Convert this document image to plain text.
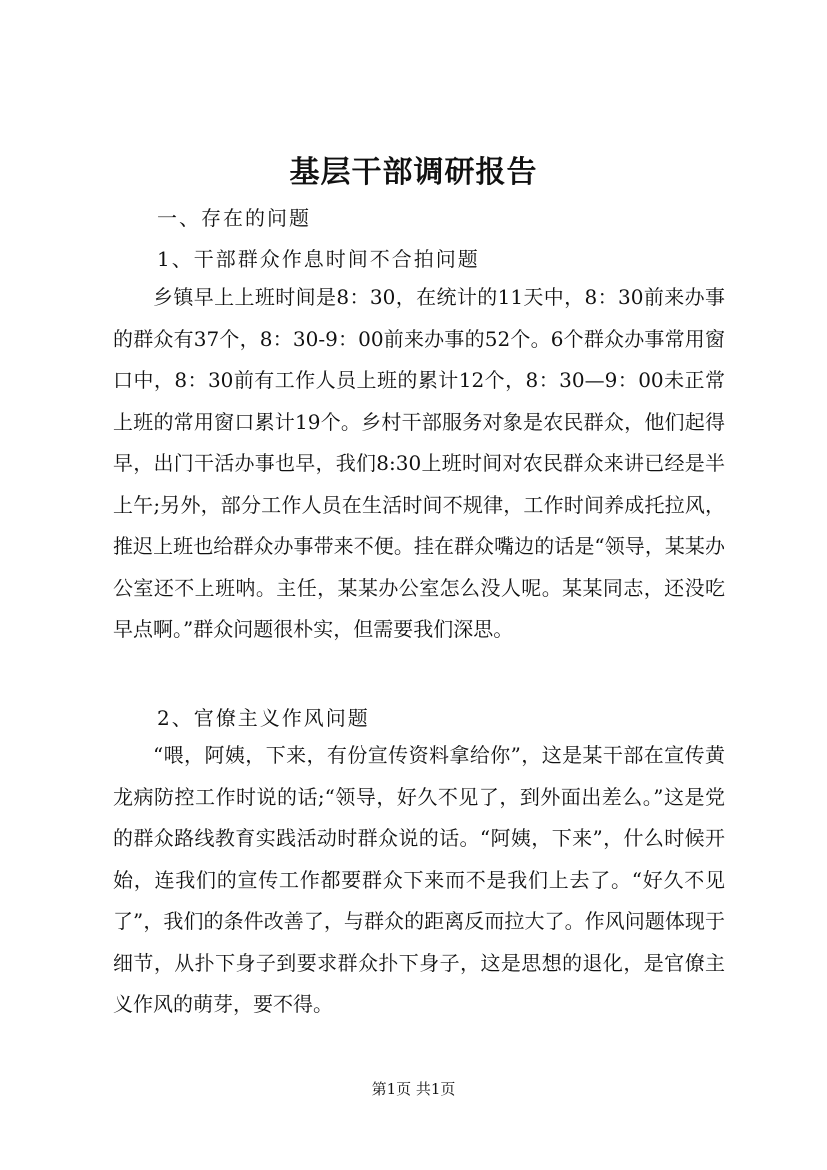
基层干部调研报告
一、存在的问题
1、干部群众作息时间不合拍问题

乡镇早上上班时间是8：30，在统计的11天中，8：30前来办事的群众有37个，8：30-9：00前来办事的52个。6个群众办事常用窗口中，8：30前有工作人员上班的累计12个，8：30—9：00未正常上班的常用窗口累计19个。乡村干部服务对象是农民群众，他们起得早，出门干活办事也早，我们8:30上班时间对农民群众来讲已经是半上午;另外，部分工作人员在生活时间不规律，工作时间养成托拉风，推迟上班也给群众办事带来不便。挂在群众嘴边的话是“领导，某某办公室还不上班呐。主任，某某办公室怎么没人呢。某某同志，还没吃早点啊。”群众问题很朴实，但需要我们深思。

2、官僚主义作风问题

“喂，阿姨，下来，有份宣传资料拿给你”，这是某干部在宣传黄龙病防控工作时说的话;“领导，好久不见了，到外面出差么。”这是党的群众路线教育实践活动时群众说的话。“阿姨，下来”，什么时候开始，连我们的宣传工作都要群众下来而不是我们上去了。“好久不见了”，我们的条件改善了，与群众的距离反而拉大了。作风问题体现于细节，从扑下身子到要求群众扑下身子，这是思想的退化，是官僚主义作风的萌芽，要不得。

第1页 共1页
